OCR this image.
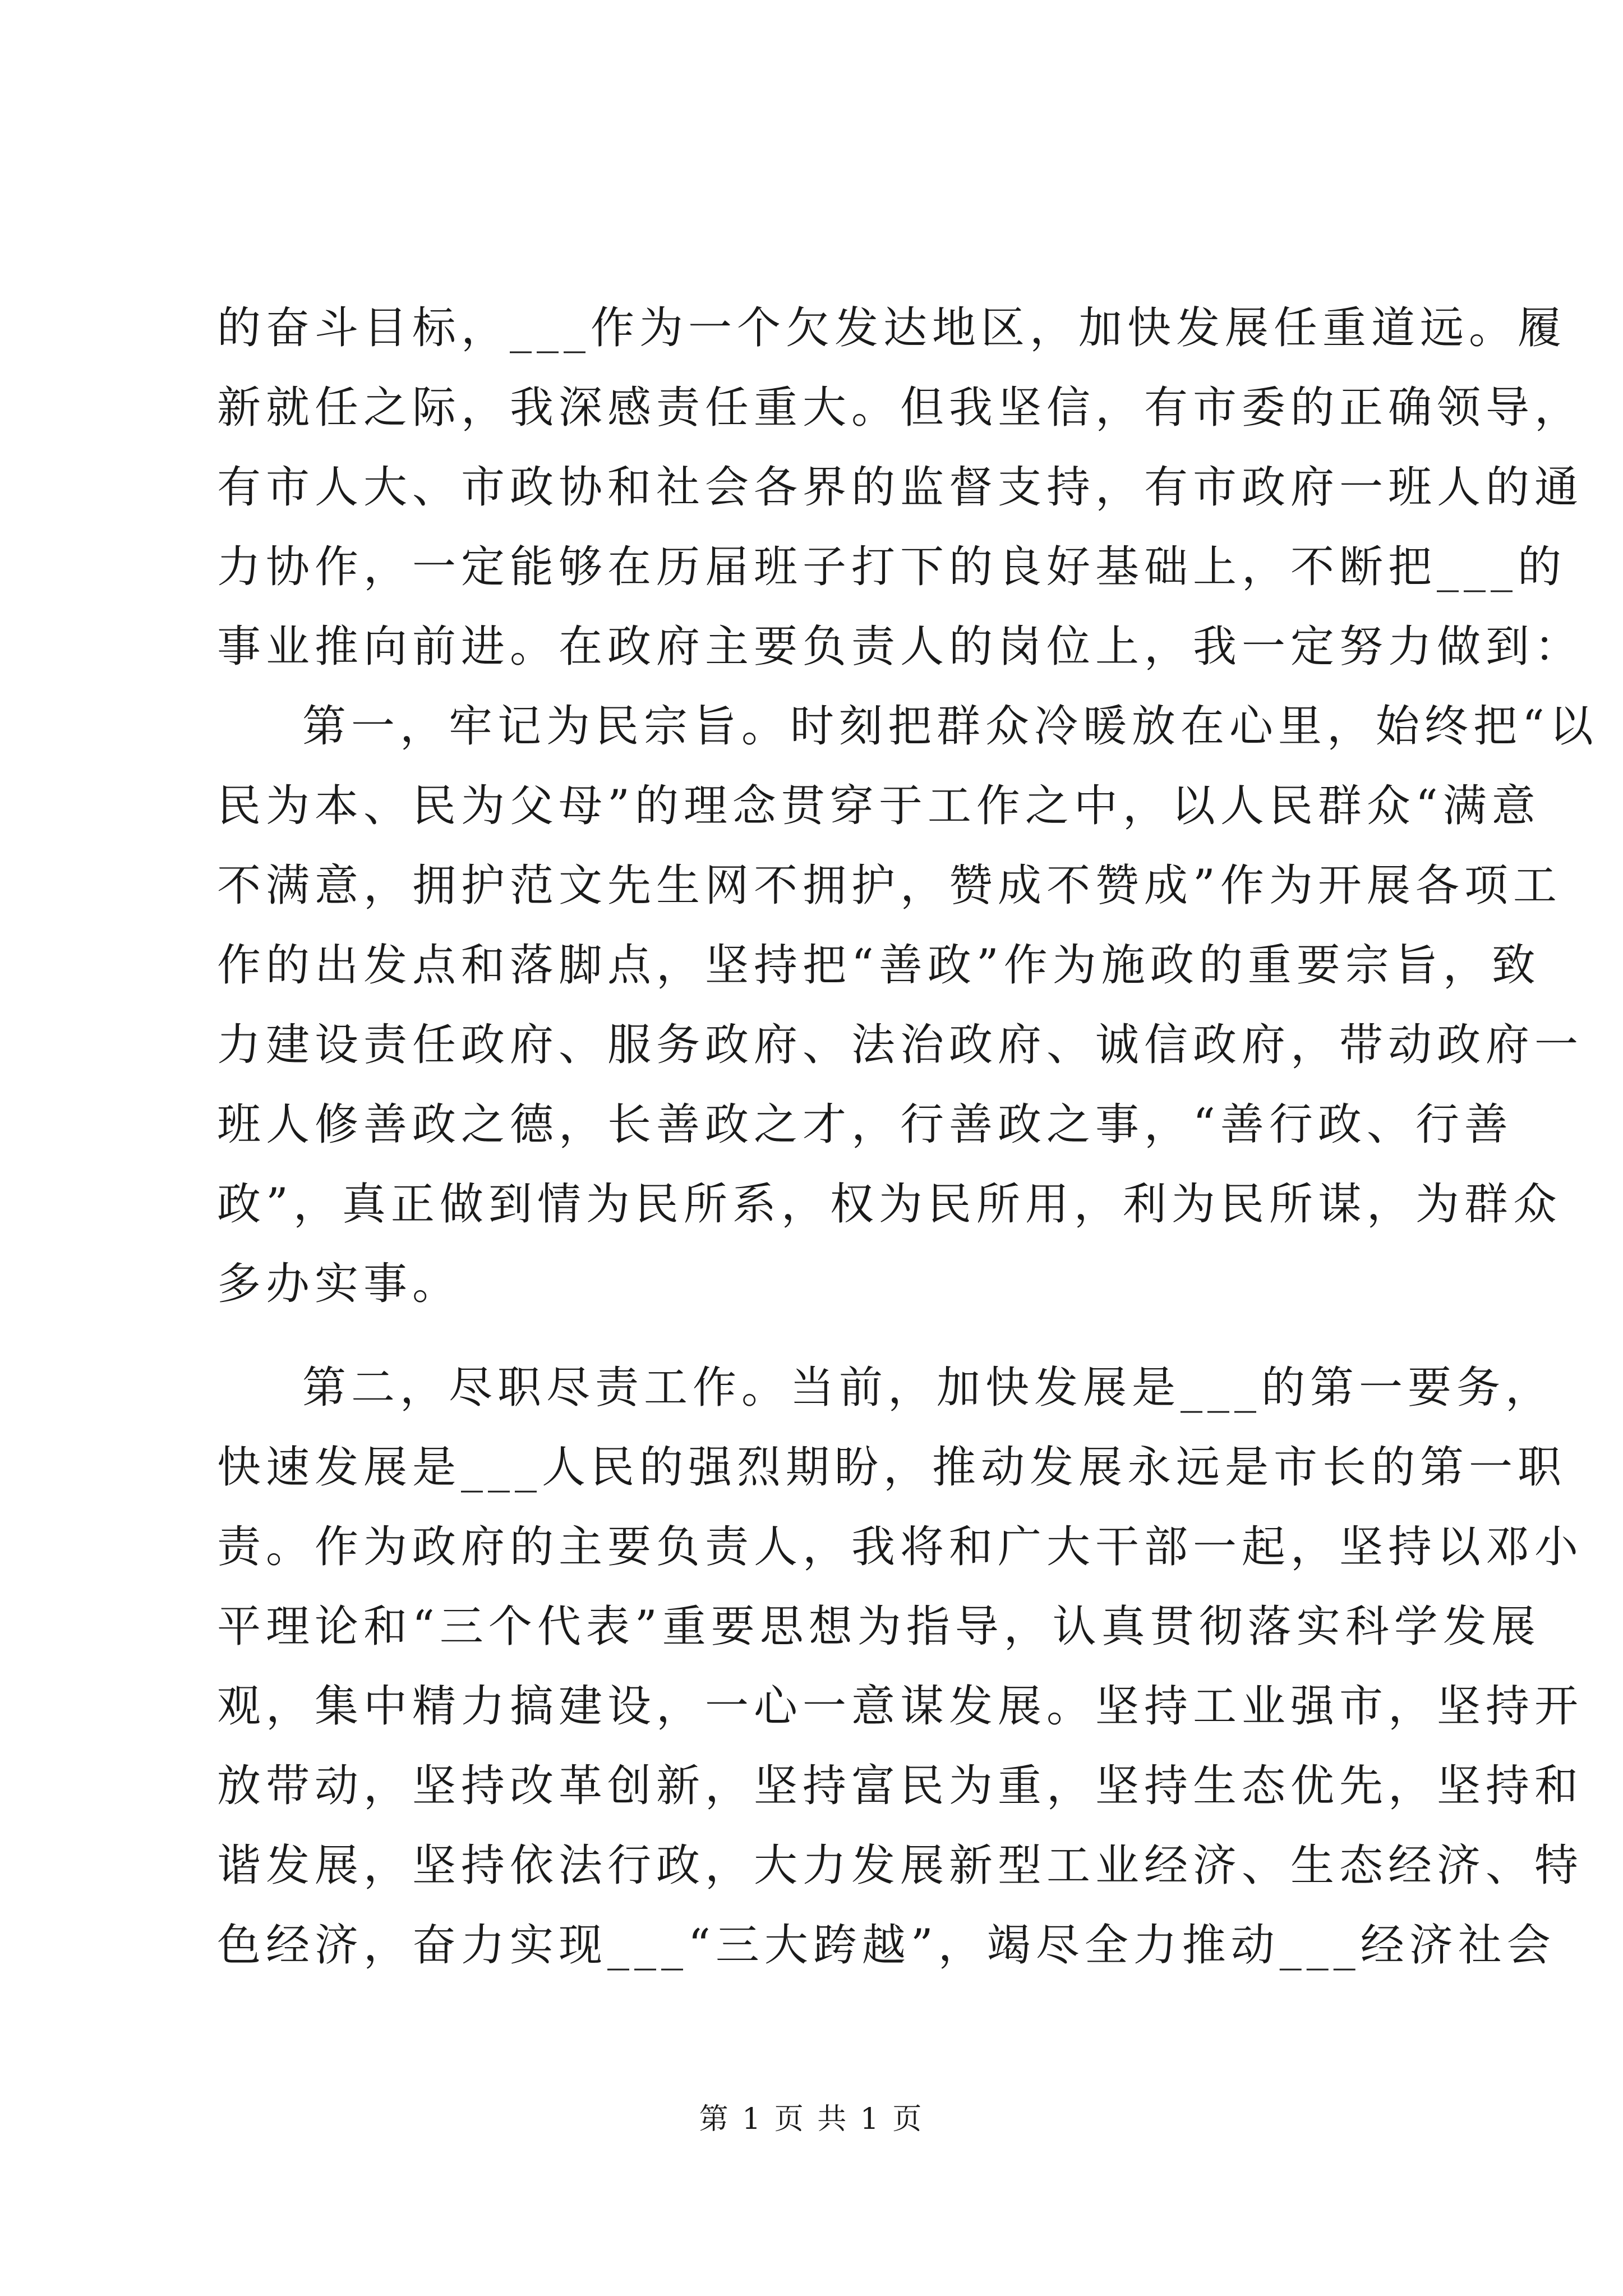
的奋斗目标，___作为一个欠发达地区，加快发展任重道远。履
新就任之际，我深感责任重大。但我坚信，有市委的正确领导，
有市人大、市政协和社会各界的监督支持，有市政府一班人的通
力协作，一定能够在历届班子打下的良好基础上，不断把___的
事业推向前进。在政府主要负责人的岗位上，我一定努力做到：
第一，牢记为民宗旨。时刻把群众冷暖放在心里，始终把“以
民为本、民为父母”的理念贯穿于工作之中，以人民群众“满意
不满意，拥护范文先生网不拥护，赞成不赞成”作为开展各项工
作的出发点和落脚点，坚持把“善政”作为施政的重要宗旨，致
力建设责任政府、服务政府、法治政府、诚信政府，带动政府一
班人修善政之德，长善政之才，行善政之事，“善行政、行善
政”，真正做到情为民所系，权为民所用，利为民所谋，为群众
多办实事。
第二，尽职尽责工作。当前，加快发展是___的第一要务，
快速发展是___人民的强烈期盼，推动发展永远是市长的第一职
责。作为政府的主要负责人，我将和广大干部一起，坚持以邓小
平理论和“三个代表”重要思想为指导，认真贯彻落实科学发展
观，集中精力搞建设，一心一意谋发展。坚持工业强市，坚持开
放带动，坚持改革创新，坚持富民为重，坚持生态优先，坚持和
谐发展，坚持依法行政，大力发展新型工业经济、生态经济、特
色经济，奋力实现___“三大跨越”，竭尽全力推动___经济社会
第 1 页 共 1 页
